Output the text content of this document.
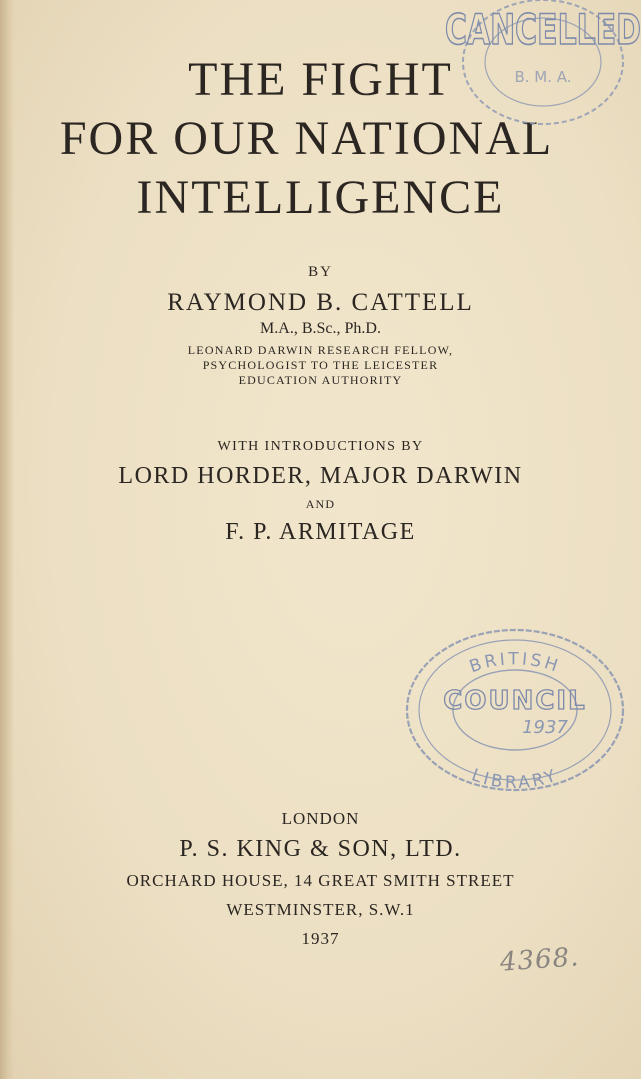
THE FIGHT
FOR OUR NATIONAL
INTELLIGENCE
BY
RAYMOND B. CATTELL
M.A., B.Sc., Ph.D.
LEONARD DARWIN RESEARCH FELLOW,
PSYCHOLOGIST TO THE LEICESTER
EDUCATION AUTHORITY
WITH INTRODUCTIONS BY
LORD HORDER, MAJOR DARWIN
AND
F. P. ARMITAGE
LONDON
P. S. KING & SON, LTD.
ORCHARD HOUSE, 14 GREAT SMITH STREET
WESTMINSTER, S.W.1
1937
CANCELLED
B. M. A.
BRITISH
LIBRARY
COUNCIL
1937
4368.
